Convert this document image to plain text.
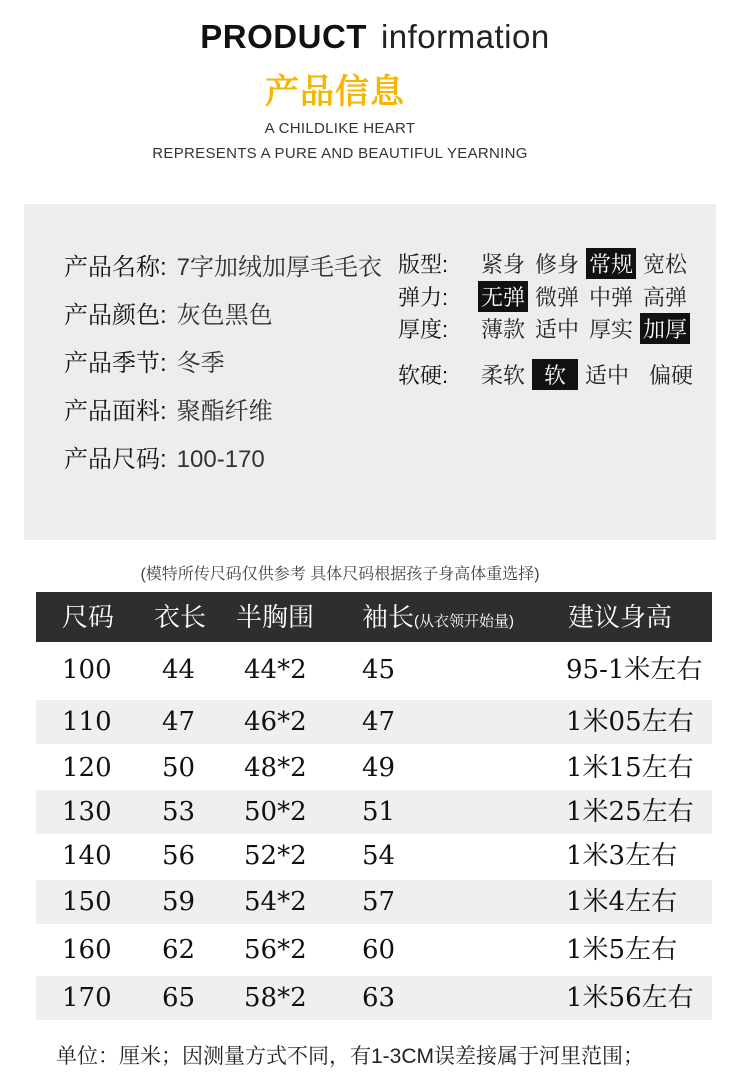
PRODUCT information
产品信息
A CHILDLIKE HEART
REPRESENTS A PURE AND BEAUTIFUL YEARNING
产品名称: 7字加绒加厚毛毛衣
产品颜色: 灰色黑色
产品季节: 冬季
产品面料: 聚酯纤维
产品尺码: 100-170
版型:	紧身 修身 常规 宽松
弹力:	无弹 微弹 中弹 高弹
厚度:	薄款 适中 厚实 加厚
软硬:	柔软 软 适中 偏硬
(模特所传尺码仅供参考 具体尺码根据孩子身高体重选择)
尺码 衣长 半胸围 袖长(从衣领开始量) 建议身高
100 44 44*2 45	95-1米左右
110 47 46*2 47	1米05左右
120 50 48*2 49	1米15左右
130 53 50*2 51	1米25左右
140 56 52*2 54	1米3左右
150 59 54*2 57	1米4左右
160 62 56*2 60	1米5左右
170 65 58*2 63	1米56左右
单位：厘米；因测量方式不同，有1-3CM误差接属于河里范围；
